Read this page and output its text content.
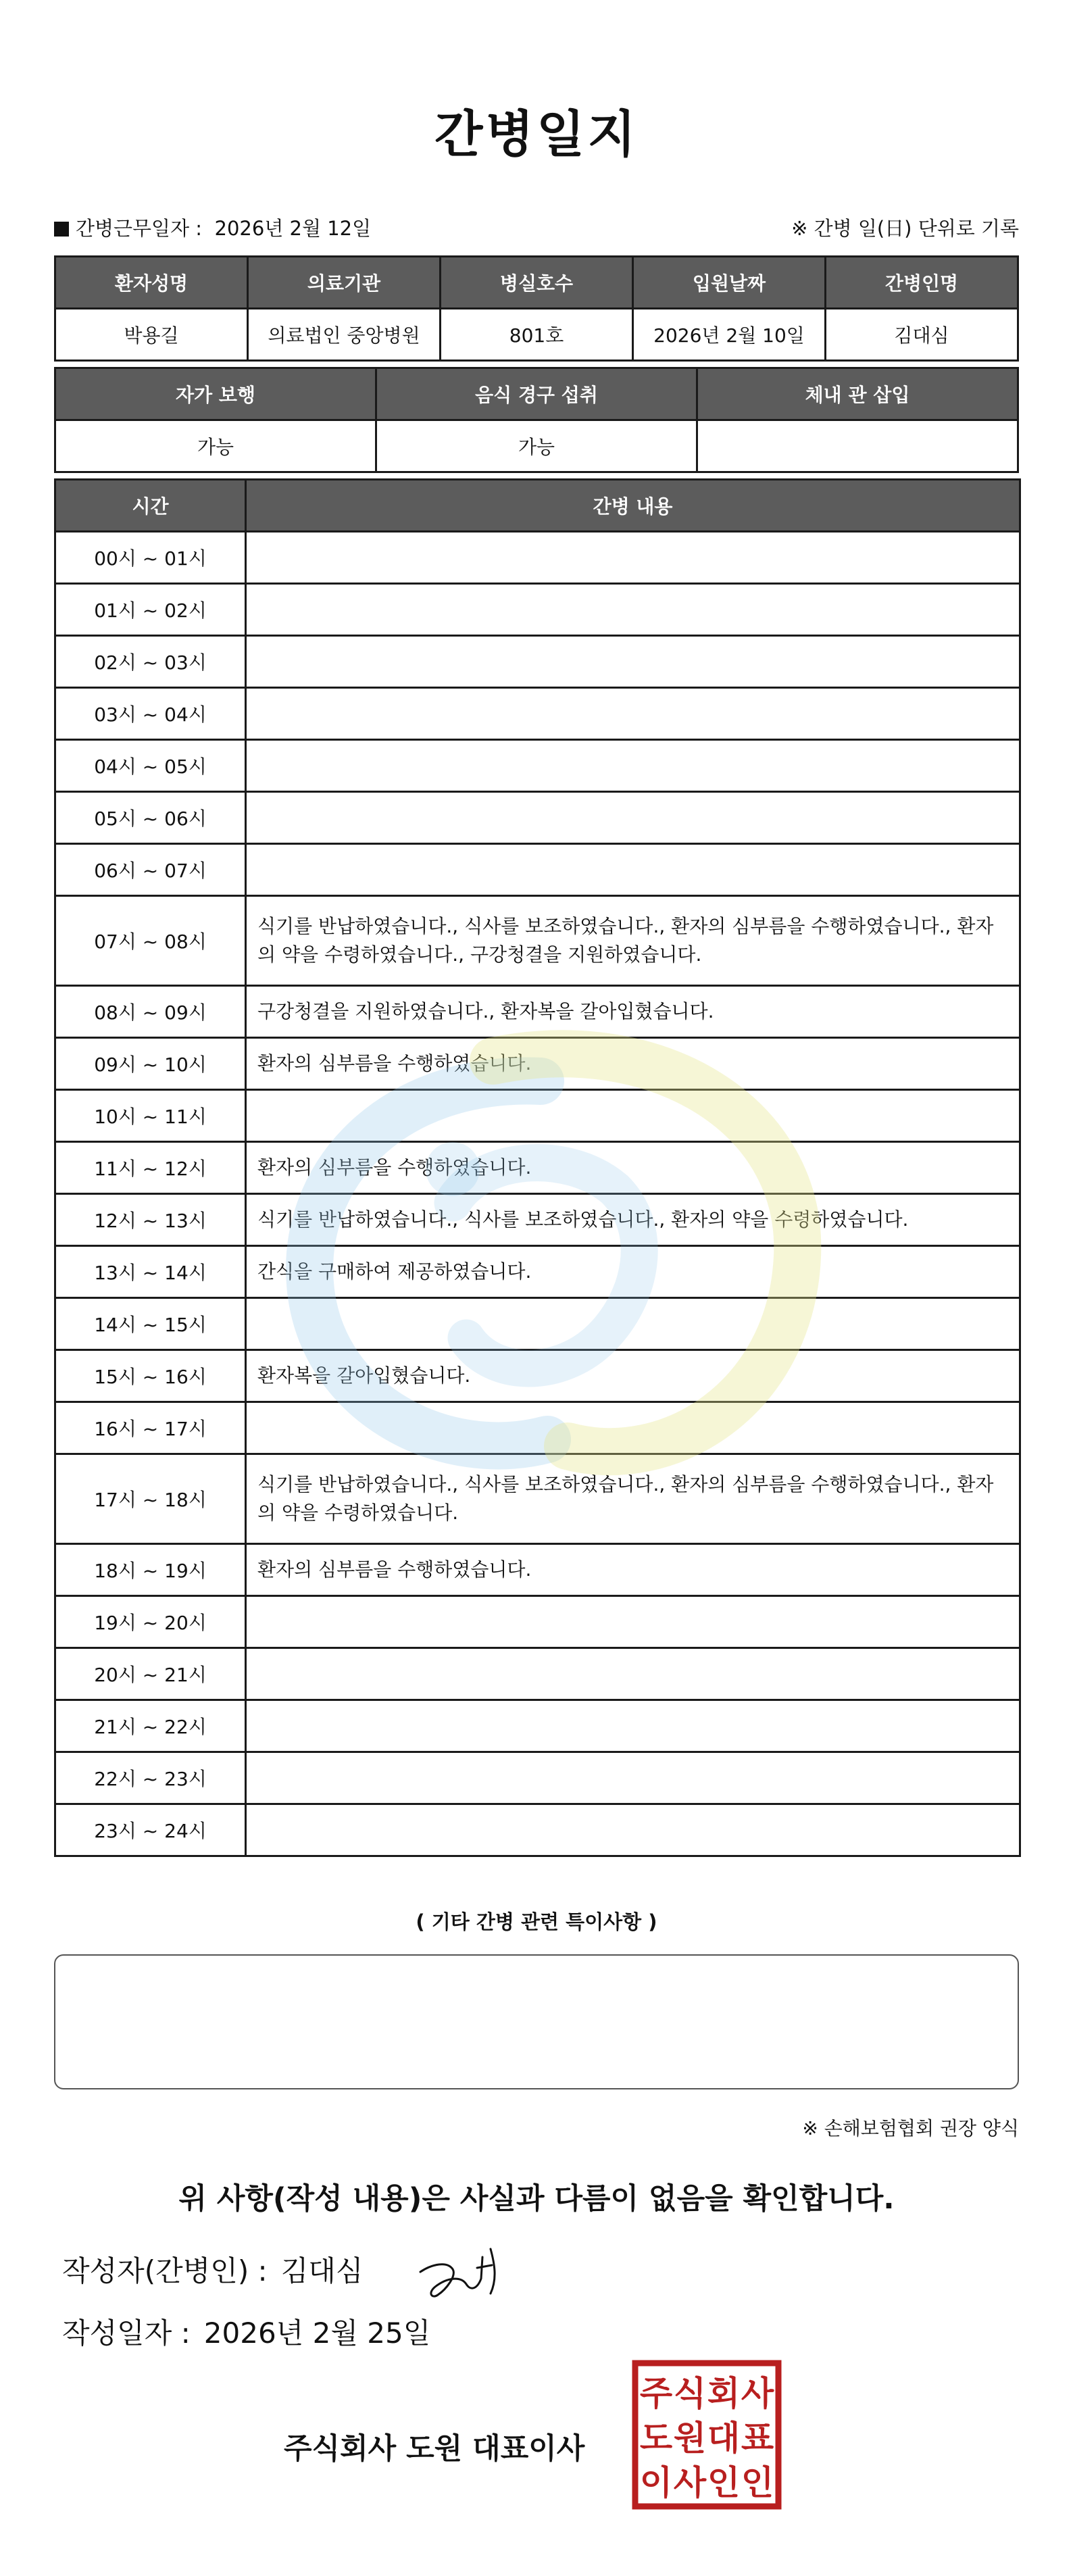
간병일지
간병근무일자 : 2026년 2월 12일	※ 간병 일(日) 단위로 기록
환자성명	의료기관	병실호수	입원날짜	간병인명
박용길	의료법인 중앙병원	801호	2026년 2월 10일	김대심
자가 보행	음식 경구 섭취	체내 관 삽입
가능	가능	
시간	간병 내용
00시 ~ 01시	
01시 ~ 02시	
02시 ~ 03시	
03시 ~ 04시	
04시 ~ 05시	
05시 ~ 06시	
06시 ~ 07시	
07시 ~ 08시	식기를 반납하였습니다., 식사를 보조하였습니다., 환자의 심부름을 수행하였습니다., 환자의 약을 수령하였습니다., 구강청결을 지원하였습니다.
08시 ~ 09시	구강청결을 지원하였습니다., 환자복을 갈아입혔습니다.
09시 ~ 10시	환자의 심부름을 수행하였습니다.
10시 ~ 11시	
11시 ~ 12시	환자의 심부름을 수행하였습니다.
12시 ~ 13시	식기를 반납하였습니다., 식사를 보조하였습니다., 환자의 약을 수령하였습니다.
13시 ~ 14시	간식을 구매하여 제공하였습니다.
14시 ~ 15시	
15시 ~ 16시	환자복을 갈아입혔습니다.
16시 ~ 17시	
17시 ~ 18시	식기를 반납하였습니다., 식사를 보조하였습니다., 환자의 심부름을 수행하였습니다., 환자의 약을 수령하였습니다.
18시 ~ 19시	환자의 심부름을 수행하였습니다.
19시 ~ 20시	
20시 ~ 21시	
21시 ~ 22시	
22시 ~ 23시	
23시 ~ 24시	
( 기타 간병 관련 특이사항 )
※ 손해보험협회 권장 양식
위 사항(작성 내용)은 사실과 다름이 없음을 확인합니다.
작성자(간병인) : 김대심
작성일자 : 2026년 2월 25일
주식회사 도원 대표이사
주 식 회 사
도 원 대 표
이 사 인 인
